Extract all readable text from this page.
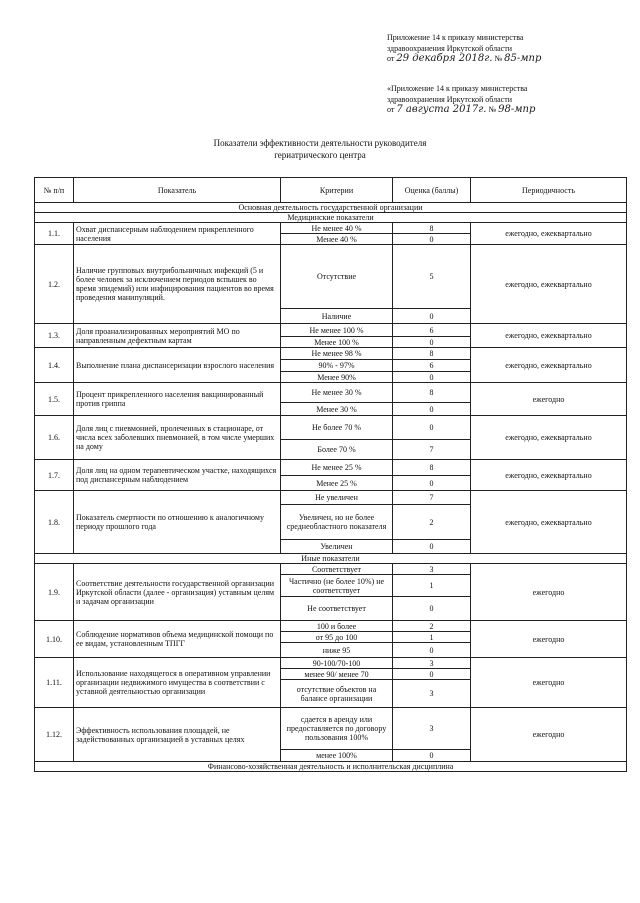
Приложение 14 к приказу министерства
здравоохранения Иркутской области
от 29 декабря 2018г. № 85-мпр
«Приложение 14 к приказу министерства
здравоохранения Иркутской области
от 7 августа 2017г. № 98-мпр
Показатели эффективности деятельности руководителя
гериатрического центра
№ п/п	Показатель	Критерии	Оценка (баллы)	Периодичность
Основная деятельность государственной организации				
Медицинские показатели				
1.1.	Охват диспансерным наблюдением прикрепленного населения	Не менее 40 %	8	ежегодно, ежеквартально
		Менее 40 %	0	
1.2.	Наличие групповых внутрибольничных инфекций (5 и более человек за исключением периодов вспышек во время эпидемий) или инфицирования пациентов во время проведения манипуляций.	Отсутствие	5	ежегодно, ежеквартально
		Наличие	0	
1.3.	Доля проанализированных мероприятий МО по направленным дефектным картам	Не менее 100 %	6	ежегодно, ежеквартально
		Менее 100 %	0	
1.4.	Выполнение плана диспансеризации взрослого населения	Не менее 98 %	8	ежегодно, ежеквартально
		90% - 97%	6	
		Менее 90%	0	
1.5.	Процент прикрепленного населения вакцинированный против гриппа	Не менее 30 %	8	ежегодно
		Менее 30 %	0	
1.6.	Доля лиц с пневмонией, пролеченных в стационаре, от числа всех заболевших пневмонией, в том числе умерших на дому	Не более 70 %	0	ежегодно, ежеквартально
		Более 70 %	7	
1.7.	Доля лиц на одном терапевтическом участке, находящихся под диспансерным наблюдением	Не менее 25 %	8	ежегодно, ежеквартально
		Менее 25 %	0	
1.8.	Показатель смертности по отношению к аналогичному периоду прошлого года	Не увеличен	7	ежегодно, ежеквартально
		Увеличен, но не более среднеобластного показателя	2	
		Увеличен	0	
Иные показатели				
1.9.	Соответствие деятельности государственной организации Иркутской области (далее - организация) уставным целям и задачам организации	Соответствует	3	ежегодно
		Частично (не более 10%) не соответствует	1	
		Не соответствует	0	
1.10.	Соблюдение нормативов объема медицинской помощи по ее видам, установленным ТПГГ	100 и более	2	ежегодно
		от 95 до 100	1	
		ниже 95	0	
1.11.	Использование находящегося в оперативном управлении организации недвижимого имущества в соответствии с уставной деятельностью организации	90-100/70-100	3	ежегодно
		менее 90/ менее 70	0	
		отсутствие объектов на балансе организации	3	
1.12.	Эффективность использования площадей, не задействованных организацией в уставных целях	сдается в аренду или предоставляется по договору пользования 100%	3	ежегодно
		менее 100%	0	
Финансово-хозяйственная деятельность и исполнительская дисциплина				
